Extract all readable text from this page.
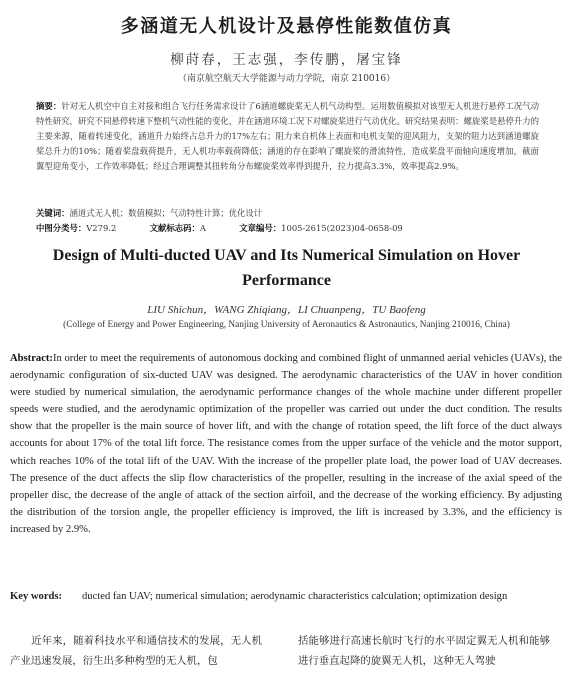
多涵道无人机设计及悬停性能数值仿真
柳莳春，王志强，李传鹏，屠宝锋
（南京航空航天大学能源与动力学院，南京 210016）
摘要：针对无人机空中自主对接和组合飞行任务需求设计了6涵道螺旋桨无人机气动构型。运用数值模拟对该型无人机进行悬停工况气动特性研究，研究不同悬停转速下整机气动性能的变化，并在涵道环境工况下对螺旋桨进行气动优化。研究结果表明：螺旋桨是悬停升力的主要来源，随着转速变化，涵道升力始终占总升力的17%左右；阻力来自机体上表面和电机支架的迎风阻力，支架的阻力达到涵道螺旋桨总升力的10%；随着桨盘载荷提升，无人机功率载荷降低；涵道的存在影响了螺旋桨的滑流特性，造成桨盘平面轴向速度增加，截面翼型迎角变小，工作效率降低；经过合理调整其扭转角分布螺旋桨效率得到提升，拉力提高3.3%，效率提高2.9%。
关键词：涵道式无人机；数值模拟；气动特性计算；优化设计
中图分类号：V279.2	文献标志码：A	文章编号：1005-2615(2023)04-0658-09
Design of Multi-ducted UAV and Its Numerical Simulation on Hover Performance
LIU Shichun，WANG Zhiqiang，LI Chuanpeng，TU Baofeng
(College of Energy and Power Engineering, Nanjing University of Aeronautics & Astronautics, Nanjing 210016, China)
Abstract:In order to meet the requirements of autonomous docking and combined flight of unmanned aerial vehicles (UAVs), the aerodynamic configuration of six-ducted UAV was designed. The aerodynamic characteristics of the UAV in hover condition were studied by numerical simulation, the aerodynamic performance changes of the whole machine under different propeller speeds were studied, and the aerodynamic optimization of the propeller was carried out under the duct condition. The results show that the propeller is the main source of hover lift, and with the change of rotation speed, the lift force of the duct always accounts for about 17% of the total lift force. The resistance comes from the upper surface of the vehicle and the motor support, which reaches 10% of the total lift of the UAV. With the increase of the propeller plate load, the power load of UAV decreases. The presence of the duct affects the slip flow characteristics of the propeller, resulting in the increase of the axial speed of the propeller disc, the decrease of the angle of attack of the section airfoil, and the decrease of the working efficiency. By adjusting the distribution of the torsion angle, the propeller efficiency is improved, the lift is increased by 3.3%, and the efficiency is increased by 2.9%.
Key words:	ducted fan UAV; numerical simulation; aerodynamic characteristics calculation; optimization design
近年来，随着科技水平和通信技术的发展，无人机产业迅速发展，衍生出多种构型的无人机，包
括能够进行高速长航时飞行的水平固定翼无人机和能够进行垂直起降的旋翼无人机，这种无人驾驶
